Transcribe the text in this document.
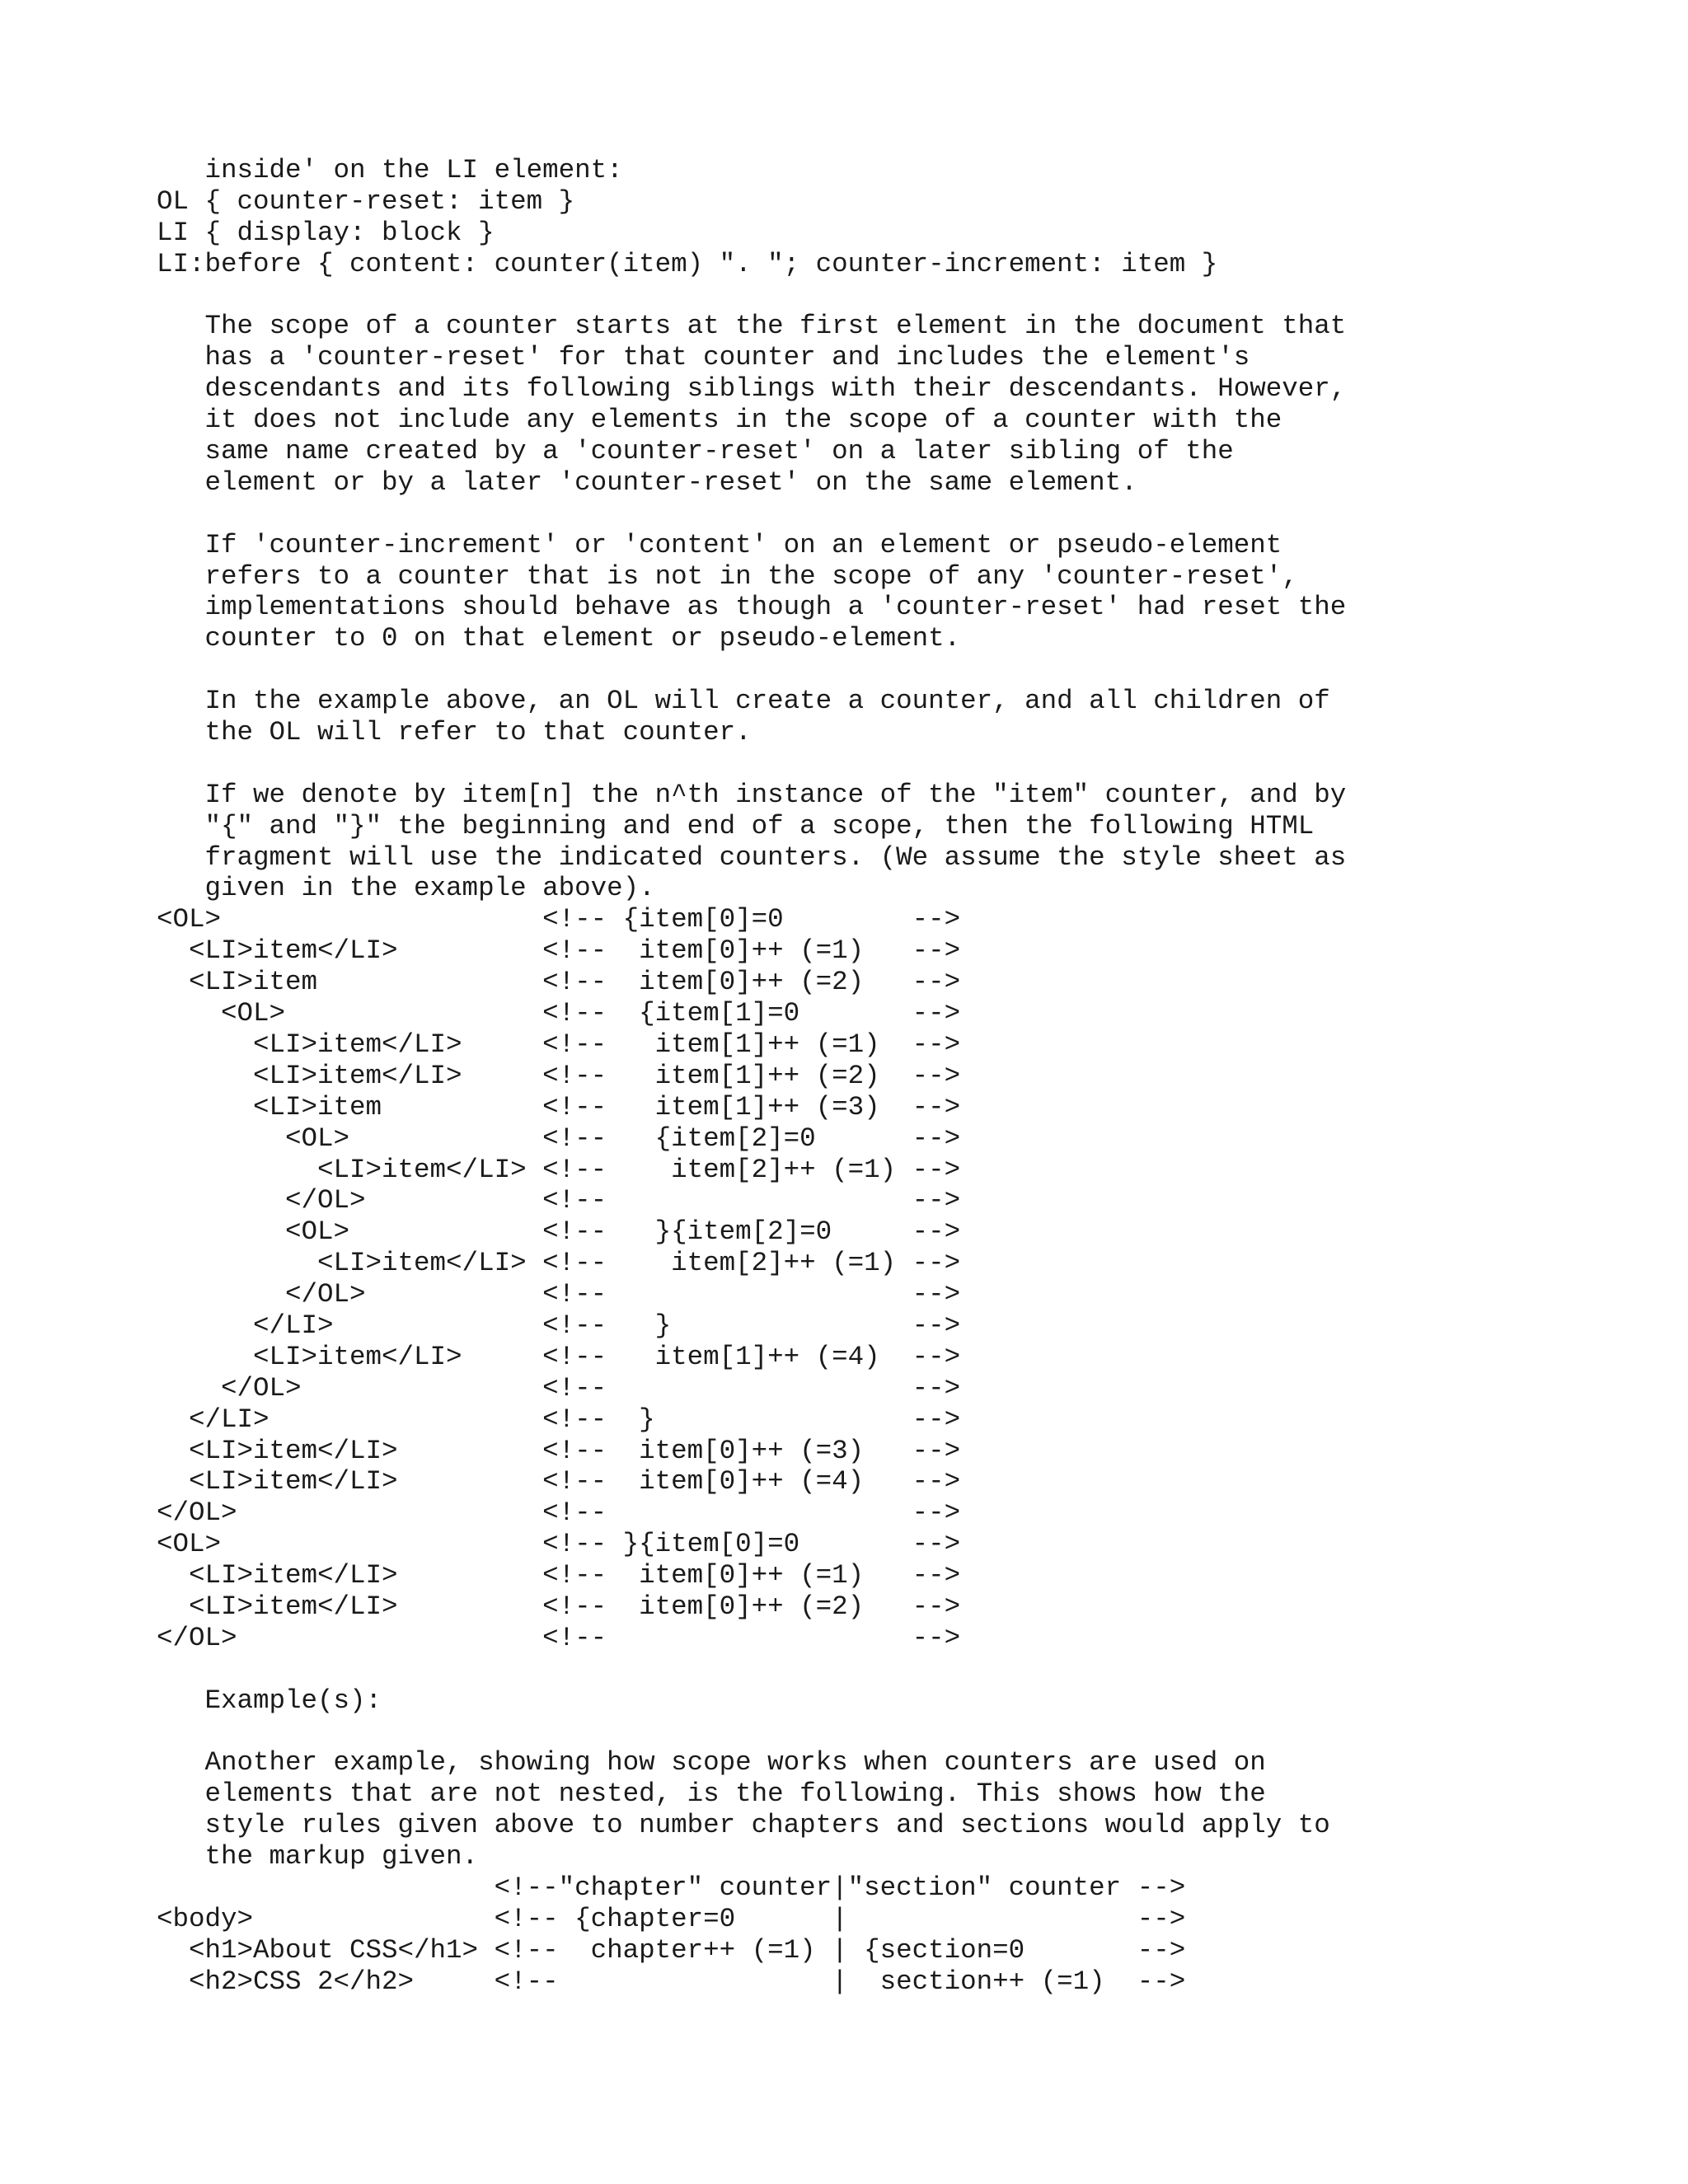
inside' on the LI element:
OL { counter-reset: item }
LI { display: block }
LI:before { content: counter(item) ". "; counter-increment: item }
The scope of a counter starts at the first element in the document that
has a 'counter-reset' for that counter and includes the element's
descendants and its following siblings with their descendants. However,
it does not include any elements in the scope of a counter with the
same name created by a 'counter-reset' on a later sibling of the
element or by a later 'counter-reset' on the same element.
If 'counter-increment' or 'content' on an element or pseudo-element
refers to a counter that is not in the scope of any 'counter-reset',
implementations should behave as though a 'counter-reset' had reset the
counter to 0 on that element or pseudo-element.
In the example above, an OL will create a counter, and all children of
the OL will refer to that counter.
If we denote by item[n] the n^th instance of the "item" counter, and by
"{" and "}" the beginning and end of a scope, then the following HTML
fragment will use the indicated counters. (We assume the style sheet as
given in the example above).
<OL>                    <!-- {item[0]=0        -->
<LI>item</LI>         <!--  item[0]++ (=1)   -->
<LI>item              <!--  item[0]++ (=2)   -->
<OL>                <!--  {item[1]=0       -->
<LI>item</LI>     <!--   item[1]++ (=1)  -->
<LI>item</LI>     <!--   item[1]++ (=2)  -->
<LI>item          <!--   item[1]++ (=3)  -->
<OL>            <!--   {item[2]=0      -->
<LI>item</LI> <!--    item[2]++ (=1) -->
</OL>           <!--                   -->
<OL>            <!--   }{item[2]=0     -->
<LI>item</LI> <!--    item[2]++ (=1) -->
</OL>           <!--                   -->
</LI>             <!--   }               -->
<LI>item</LI>     <!--   item[1]++ (=4)  -->
</OL>               <!--                   -->
</LI>                 <!--  }                -->
<LI>item</LI>         <!--  item[0]++ (=3)   -->
<LI>item</LI>         <!--  item[0]++ (=4)   -->
</OL>                   <!--                   -->
<OL>                    <!-- }{item[0]=0       -->
<LI>item</LI>         <!--  item[0]++ (=1)   -->
<LI>item</LI>         <!--  item[0]++ (=2)   -->
</OL>                   <!--                   -->
Example(s):
Another example, showing how scope works when counters are used on
elements that are not nested, is the following. This shows how the
style rules given above to number chapters and sections would apply to
the markup given.
<!--"chapter" counter|"section" counter -->
<body>               <!-- {chapter=0      |                  -->
<h1>About CSS</h1> <!--  chapter++ (=1) | {section=0       -->
<h2>CSS 2</h2>     <!--                 |  section++ (=1)  -->
